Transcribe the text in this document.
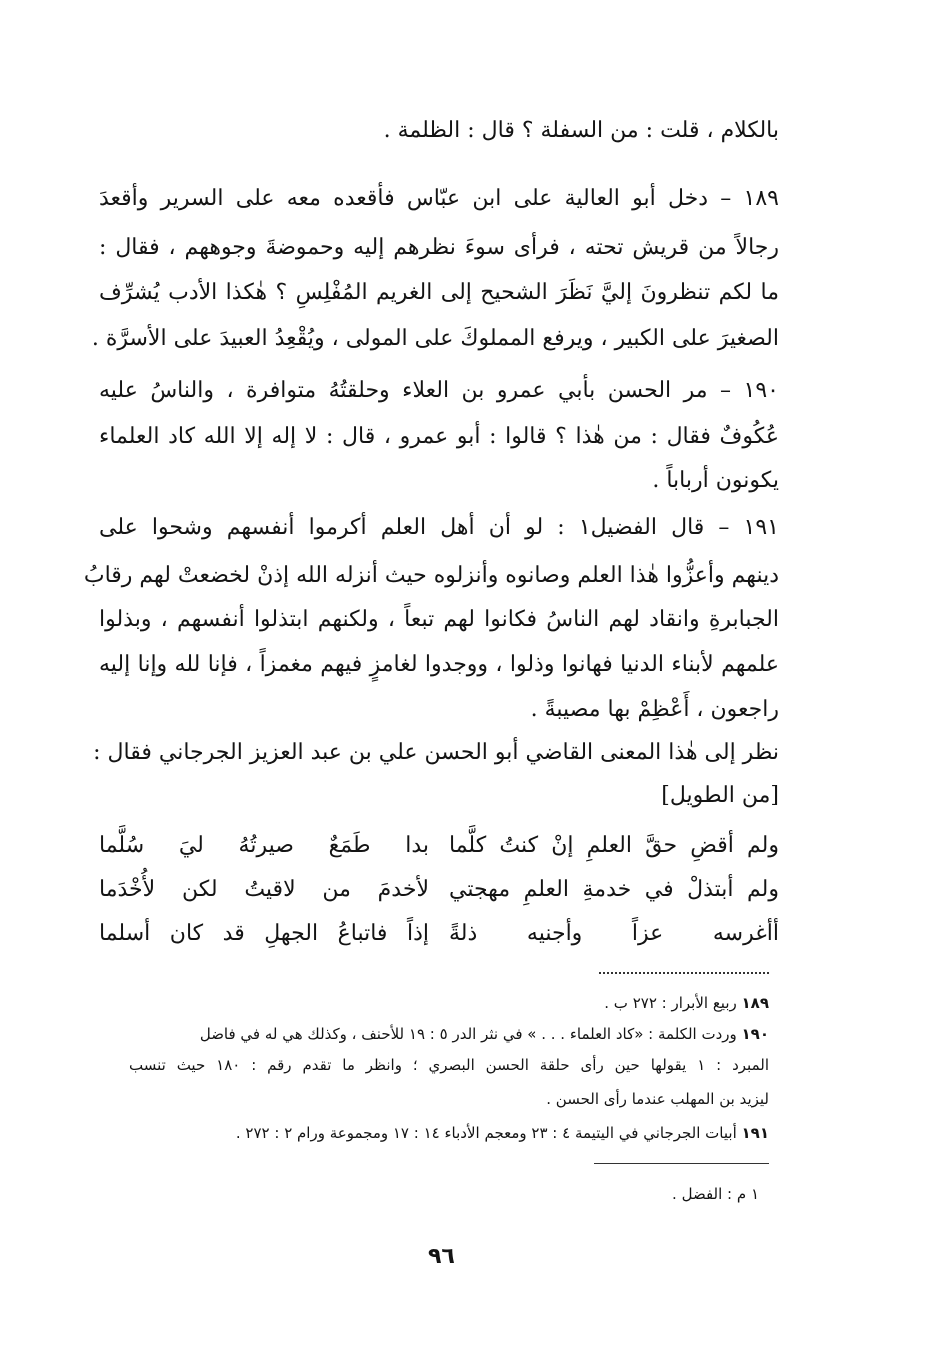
بالكلام ، قلت : من السفلة ؟ قال : الظلمة .
١٨٩ – دخل أبو العالية على ابن عبّاس فأقعده معه على السرير وأقعدَ
رجالاً من قريش تحته ، فرأى سوءَ نظرهم إليه وحموضةَ وجوههم ، فقال :
ما لكم تنظرونَ إليَّ نَظَرَ الشحيح إلى الغريم المُفْلِسِ ؟ هٰكذا الأدب يُشرِّف
الصغيرَ على الكبير ، ويرفع المملوكَ على المولى ، ويُقْعِدُ العبيدَ على الأسرَّة .
١٩٠ – مر الحسن بأبي عمرو بن العلاء وحلقتُهُ متوافرة ، والناسُ عليه
عُكُوفٌ فقال : من هٰذا ؟ قالوا : أبو عمرو ، قال : لا إله إلا الله كاد العلماء
يكونون أرباباً .
١٩١ – قال الفضيل١ : لو أن أهل العلم أكرموا أنفسهم وشحوا على
دينهم وأعزُّوا هٰذا العلم وصانوه وأنزلوه حيث أنزله الله إذنْ لخضعتْ لهم رقابُ
الجبابرةِ وانقاد لهم الناسُ فكانوا لهم تبعاً ، ولكنهم ابتذلوا أنفسهم ، وبذلوا
علمهم لأبناء الدنيا فهانوا وذلوا ، ووجدوا لغامزٍ فيهم مغمزاً ، فإنا لله وإنا إليه
راجعون ، أَعْظِمْ بها مصيبةً .
نظر إلى هٰذا المعنى القاضي أبو الحسن علي بن عبد العزيز الجرجاني فقال :
[من الطويل]
ولم أقضِ حقَّ العلمِ إنْ كنتُ كلَّما
بدا طَمَعٌ صيرتُهُ ليَ سُلَّما
ولم أبتذلْ في خدمةِ العلمِ مهجتي
لأخدمَ من لاقيتُ لكن لأُخْدَما
أأغرسه عزاً وأجنيه ذلةً
إذاً فاتباعُ الجهلِ قد كان أسلما
١٨٩ ربيع الأبرار : ٢٧٢ ب .
١٩٠ وردت الكلمة : «كاد العلماء . . . » في نثر الدر ٥ : ١٩ للأحنف ، وكذلك هي له في فاضل
المبرد : ١ يقولها حين رأى حلقة الحسن البصري ؛ وانظر ما تقدم رقم : ١٨٠ حيث تنسب
ليزيد بن المهلب عندما رأى الحسن .
١٩١ أبيات الجرجاني في اليتيمة ٤ : ٢٣ ومعجم الأدباء ١٤ : ١٧ ومجموعة ورام ٢ : ٢٧٢ .
١ م : الفضل .
٩٦
